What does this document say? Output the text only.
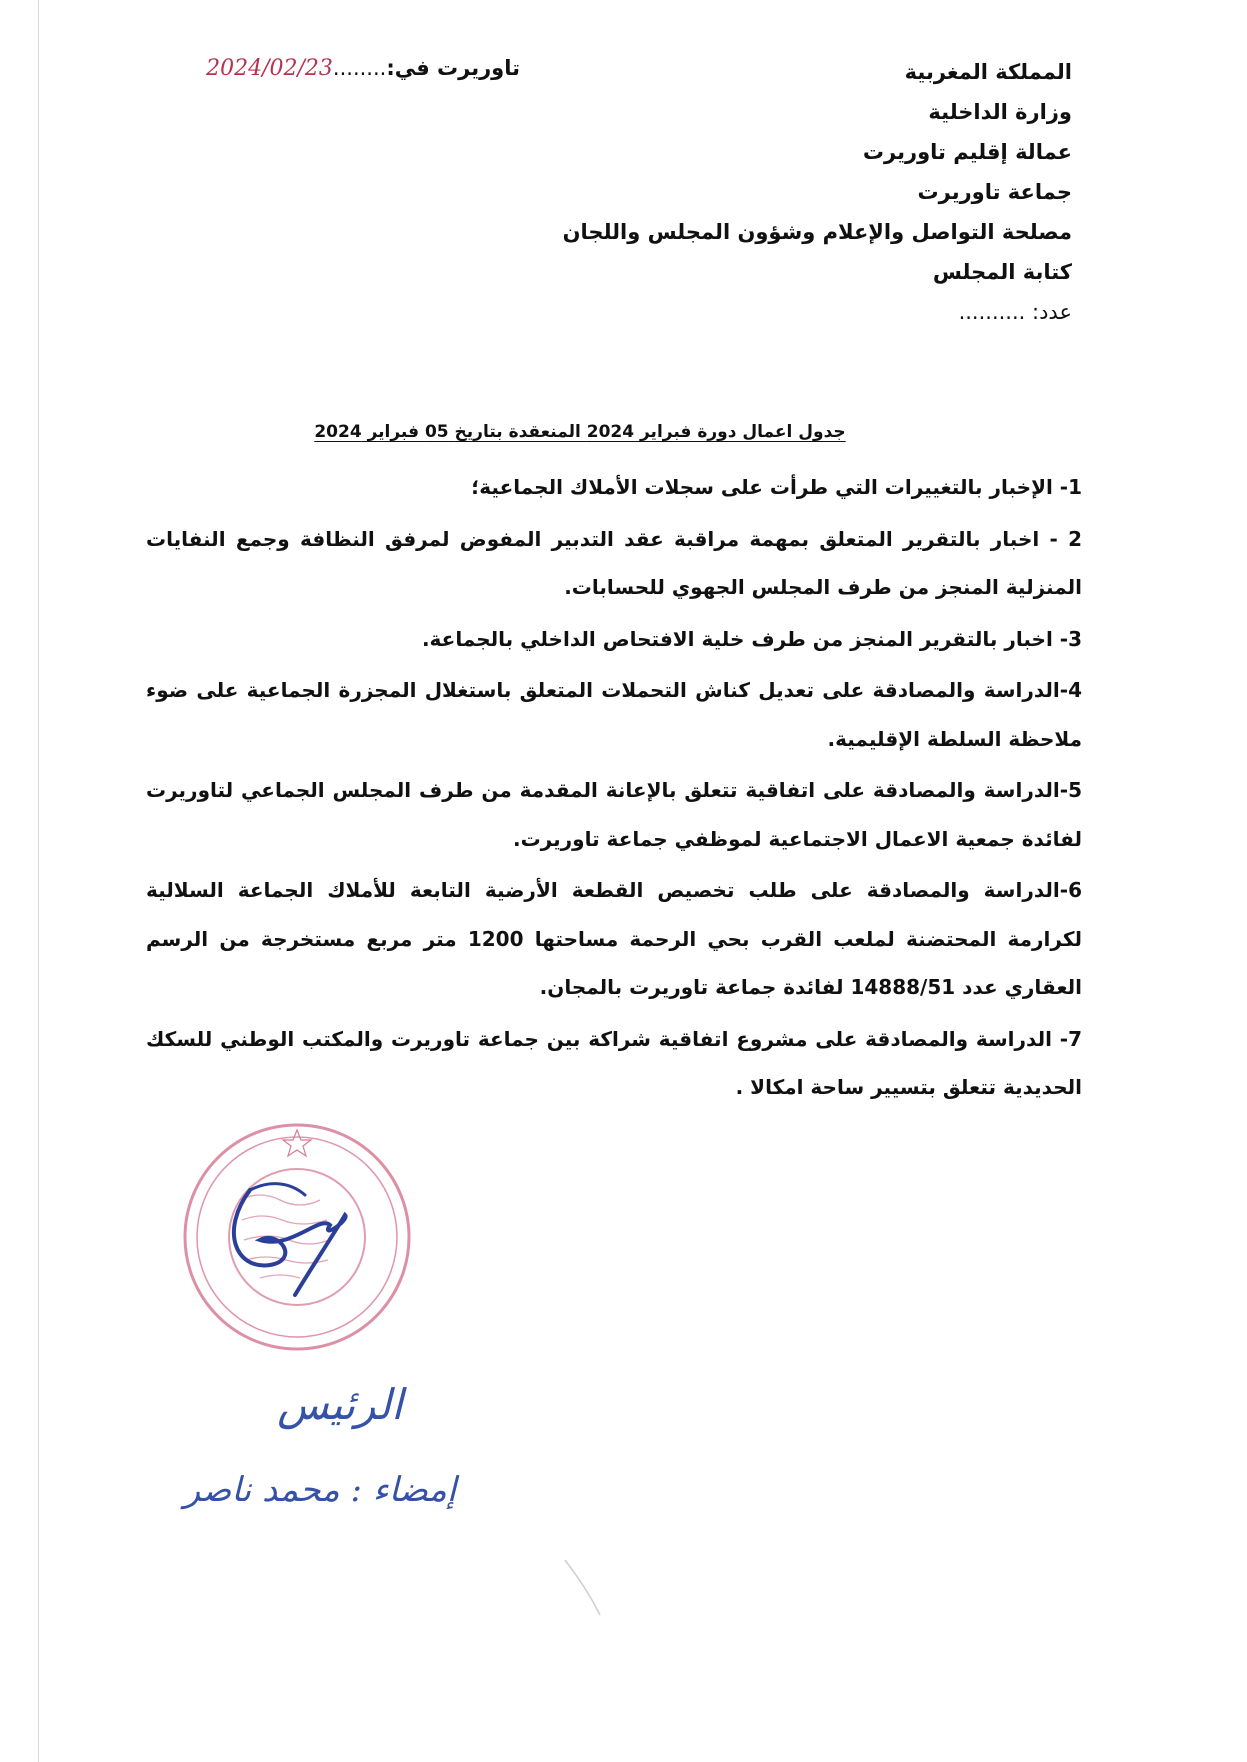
المملكة المغربية
وزارة الداخلية
عمالة إقليم تاوريرت
جماعة تاوريرت
مصلحة التواصل والإعلام وشؤون المجلس واللجان
كتابة المجلس
عدد: ..........
تاوريرت في:........2024/02/23
جدول اعمال دورة فبراير 2024 المنعقدة بتاريخ 05 فبراير 2024

1- الإخبار بالتغييرات التي طرأت على سجلات الأملاك الجماعية؛

2 - اخبار بالتقرير المتعلق بمهمة مراقبة عقد التدبير المفوض لمرفق النظافة وجمع النفايات المنزلية المنجز من طرف المجلس الجهوي للحسابات.

3- اخبار بالتقرير المنجز من طرف خلية الافتحاص الداخلي بالجماعة.

4-الدراسة والمصادقة على تعديل كناش التحملات المتعلق باستغلال المجزرة الجماعية على ضوء ملاحظة السلطة الإقليمية.

5-الدراسة والمصادقة على اتفاقية تتعلق بالإعانة المقدمة من طرف المجلس الجماعي لتاوريرت لفائدة جمعية الاعمال الاجتماعية لموظفي جماعة تاوريرت.

6-الدراسة والمصادقة على طلب تخصيص القطعة الأرضية التابعة للأملاك الجماعة السلالية لكرارمة المحتضنة لملعب القرب بحي الرحمة مساحتها 1200 متر مربع مستخرجة من الرسم العقاري عدد 14888/51 لفائدة جماعة تاوريرت بالمجان.

7- الدراسة والمصادقة على مشروع اتفاقية شراكة بين جماعة تاوريرت والمكتب الوطني للسكك الحديدية تتعلق بتسيير ساحة امكالا .

الرئيس
إمضاء : محمد ناصر
